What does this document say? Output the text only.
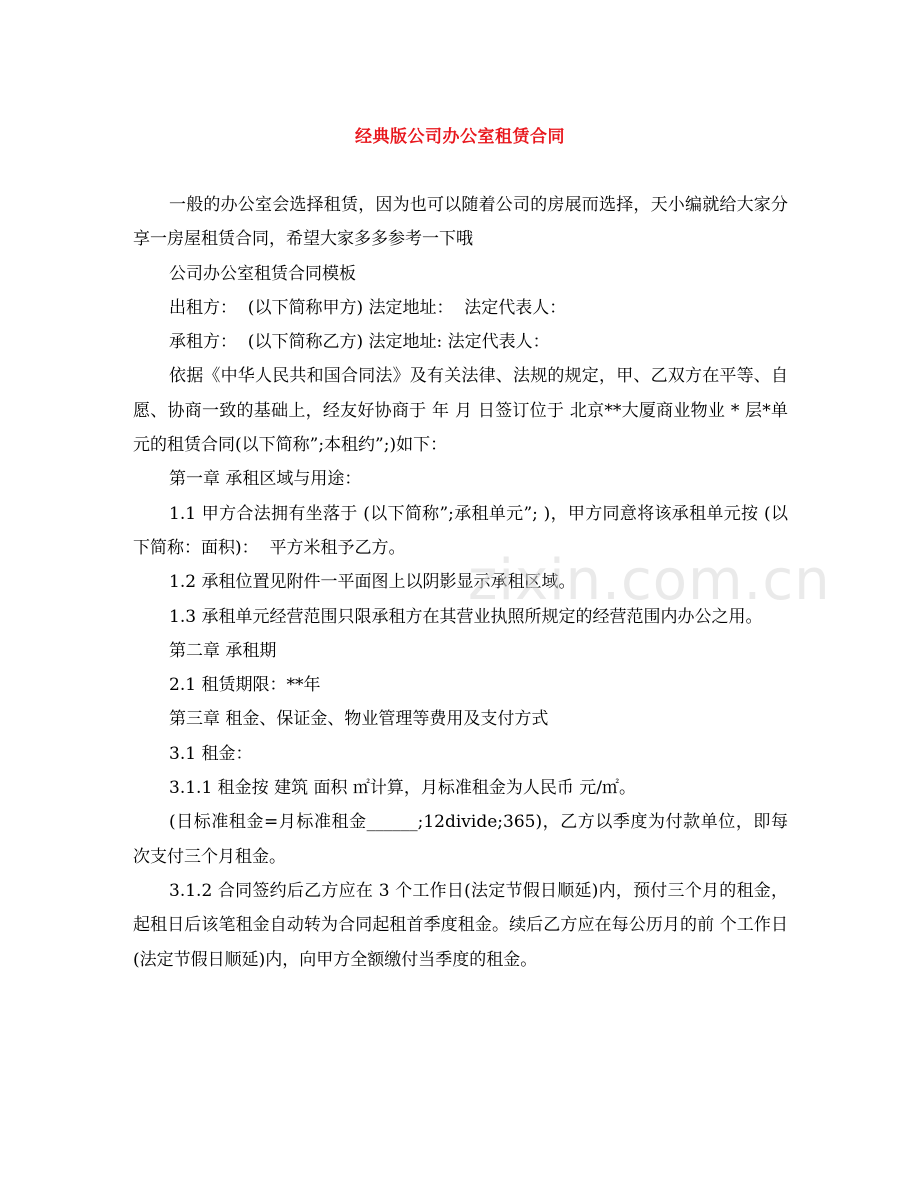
经典版公司办公室租赁合同

一般的办公室会选择租赁，因为也可以随着公司的房展而选择，天小编就给大家分享一房屋租赁合同，希望大家多多参考一下哦

公司办公室租赁合同模板

出租方：  (以下简称甲方) 法定地址：  法定代表人：

承租方：  (以下简称乙方) 法定地址: 法定代表人：

依据《中华人民共和国合同法》及有关法律、法规的规定，甲、乙双方在平等、自愿、协商一致的基础上，经友好协商于 年 月 日签订位于 北京**大厦商业物业 * 层*单元的租赁合同(以下简称”;本租约”;)如下：

第一章 承租区域与用途：

1.1 甲方合法拥有坐落于 (以下简称”;承租单元”; )，甲方同意将该承租单元按 (以下简称：面积)：  平方米租予乙方。

1.2 承租位置见附件一平面图上以阴影显示承租区域。

1.3 承租单元经营范围只限承租方在其营业执照所规定的经营范围内办公之用。

第二章 承租期

2.1 租赁期限：**年

第三章 租金、保证金、物业管理等费用及支付方式

3.1 租金：

3.1.1 租金按 建筑 面积 ㎡计算，月标准租金为人民币 元/㎡。

(日标准租金=月标准租金______;12divide;365)，乙方以季度为付款单位，即每次支付三个月租金。

3.1.2 合同签约后乙方应在 3 个工作日(法定节假日顺延)内，预付三个月的租金，起租日后该笔租金自动转为合同起租首季度租金。续后乙方应在每公历月的前 个工作日(法定节假日顺延)内，向甲方全额缴付当季度的租金。

zixin.com.cn
